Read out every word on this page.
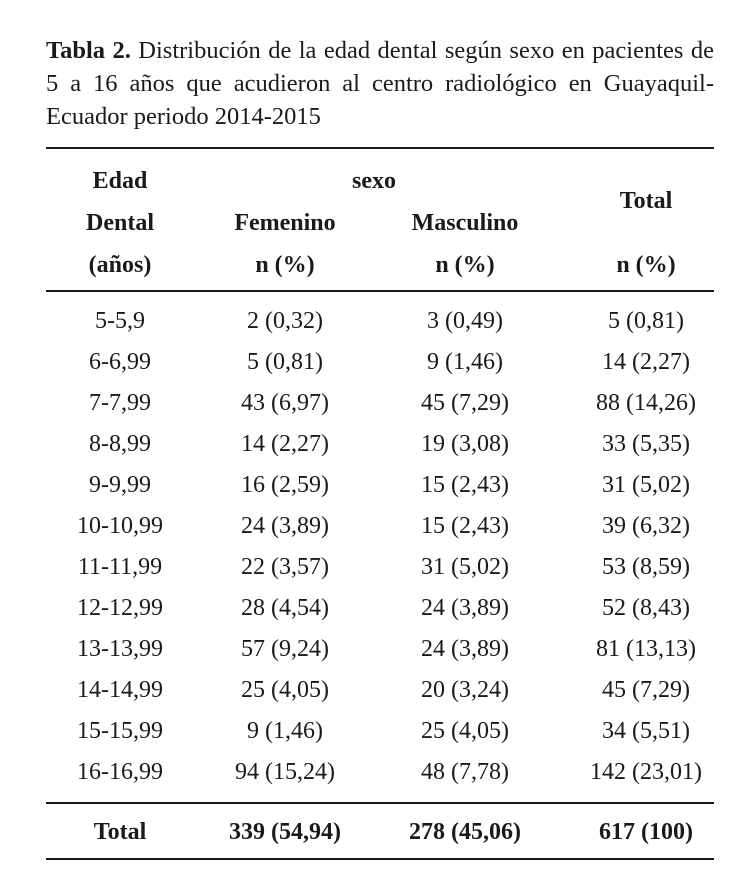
Tabla 2. Distribución de la edad dental según sexo en pacientes de 5 a 16 años que acudieron al centro radiológico en Guayaquil-Ecuador periodo 2014-2015
Edad
Dental
(años)
sexo
Femenino	Masculino
Total
n (%)	n (%)	n (%)
5-5,9	2 (0,32)	3 (0,49)	5 (0,81)
6-6,99	5 (0,81)	9 (1,46)	14 (2,27)
7-7,99	43 (6,97)	45 (7,29)	88 (14,26)
8-8,99	14 (2,27)	19 (3,08)	33 (5,35)
9-9,99	16 (2,59)	15 (2,43)	31 (5,02)
10-10,99	24 (3,89)	15 (2,43)	39 (6,32)
11-11,99	22 (3,57)	31 (5,02)	53 (8,59)
12-12,99	28 (4,54)	24 (3,89)	52 (8,43)
13-13,99	57 (9,24)	24 (3,89)	81 (13,13)
14-14,99	25 (4,05)	20 (3,24)	45 (7,29)
15-15,99	9 (1,46)	25 (4,05)	34 (5,51)
16-16,99	94 (15,24)	48 (7,78)	142 (23,01)
Total	339 (54,94)	278 (45,06)	617 (100)
